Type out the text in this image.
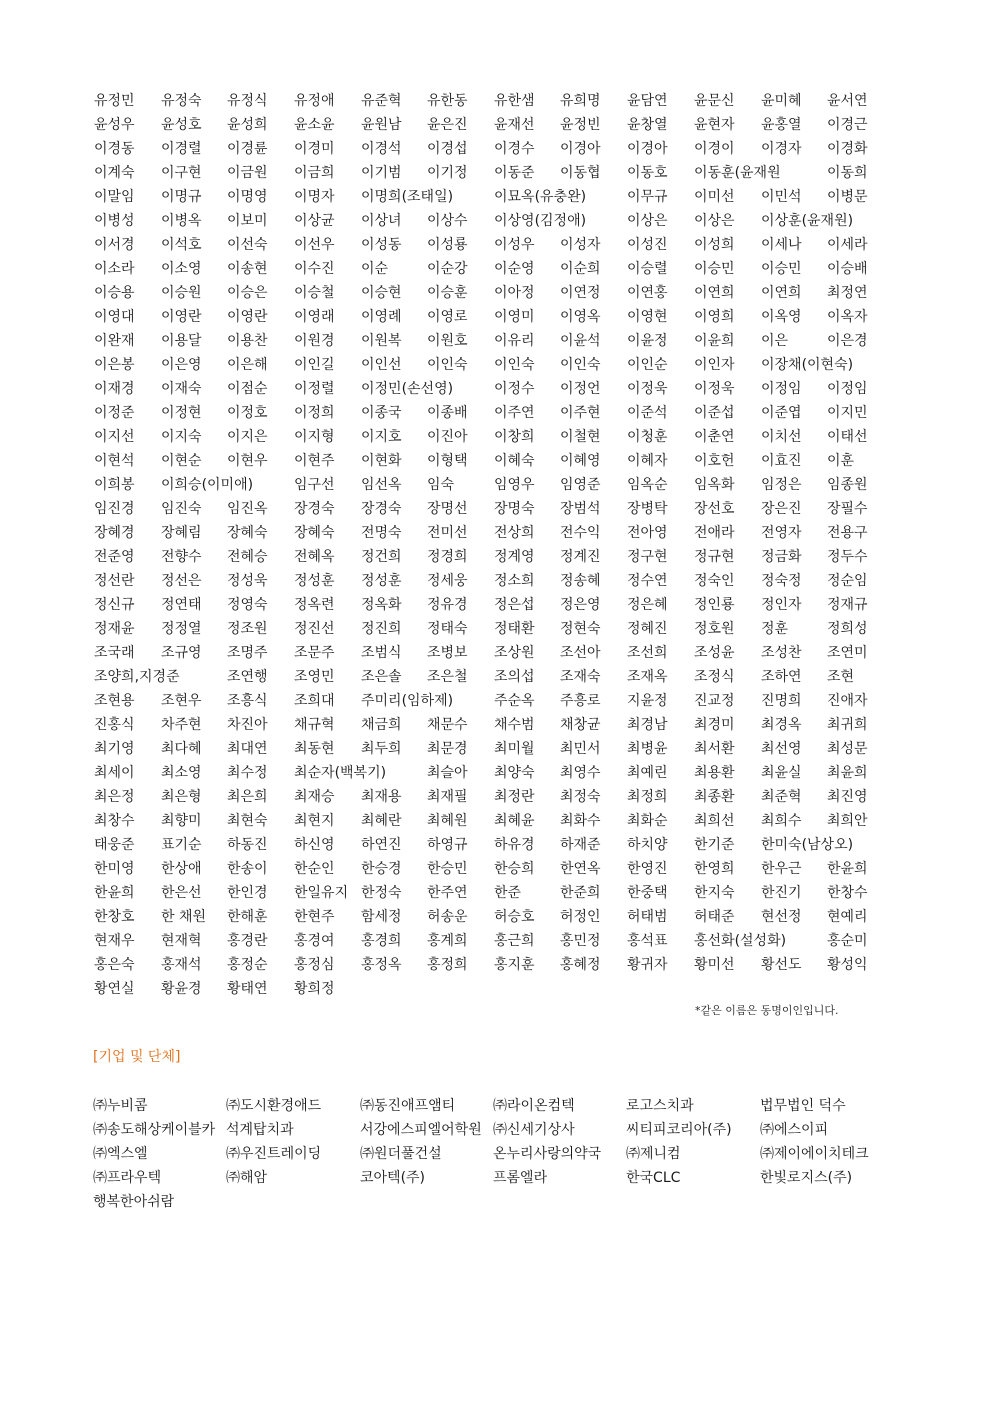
유정민 유정숙 유정식 유정애 유준혁 유한동 유한샘 유희명 윤담연 윤문신 윤미혜 윤서연
윤성우 윤성호 윤성희 윤소윤 윤원남 윤은진 윤재선 윤정빈 윤창열 윤현자 윤홍열 이경근
이경동 이경렬 이경륜 이경미 이경석 이경섭 이경수 이경아 이경아 이경이 이경자 이경화
이계숙 이구현 이금원 이금희 이기범 이기정 이동준 이동협 이동호 이동훈(윤재원	이동희
이말임 이명규 이명영 이명자 이명희(조태일)	이묘옥(유충완)	이무규 이미선 이민석 이병문
이병성 이병옥 이보미 이상균 이상녀 이상수 이상영(김정애)	이상은 이상은 이상훈(윤재원)
이서경 이석호 이선숙 이선우 이성동 이성룡 이성우 이성자 이성진 이성희 이세나 이세라
이소라 이소영 이송현 이수진 이순	이순강 이순영 이순희 이승렬 이승민 이승민 이승배
이승용 이승원 이승은 이승철 이승현 이승훈 이아정 이연정 이연홍 이연희 이연희 최정연
이영대 이영란 이영란 이영래 이영례 이영로 이영미 이영옥 이영현 이영희 이옥영 이옥자
이완재 이용달 이용찬 이원경 이원복 이원호 이유리 이윤석 이윤정 이윤희 이은	이은경
이은봉 이은영 이은해 이인길 이인선 이인숙 이인숙 이인숙 이인순 이인자 이장채(이현숙)
이재경 이재숙 이점순 이정렬 이정민(손선영)	이정수 이정언 이정욱 이정욱 이정임 이정임
이정준 이정현 이정호 이정희 이종국 이종배 이주연 이주현 이준석 이준섭 이준엽 이지민
이지선 이지숙 이지은 이지형 이지호 이진아 이창희 이철현 이청훈 이춘연 이치선 이태선
이현석 이현순 이현우 이현주 이현화 이형택 이혜숙 이혜영 이혜자 이호헌 이효진 이훈
이희봉 이희승(이미애)	임구선 임선옥 임숙	임영우 임영준 임옥순 임옥화 임정은 임종원
임진경 임진숙 임진옥 장경숙 장경숙 장명선 장명숙 장범석 장병탁 장선호 장은진 장필수
장혜경 장혜림 장혜숙 장혜숙 전명숙 전미선 전상희 전수익 전아영 전애라 전영자 전용구
전준영 전향수 전혜승 전혜옥 정건희 정경희 정계영 정계진 정구현 정규현 정금화 정두수
정선란 정선은 정성욱 정성훈 정성훈 정세웅 정소희 정송혜 정수연 정숙인 정숙정 정순임
정신규 정연태 정영숙 정옥련 정옥화 정유경 정은섭 정은영 정은혜 정인룡 정인자 정재규
정재윤 정정열 정조원 정진선 정진희 정태숙 정태환 정현숙 정혜진 정호원 정훈	정희성
조국래 조규영 조명주 조문주 조범식 조병보 조상원 조선아 조선희 조성윤 조성찬 조연미
조양희,지경준	조연행 조영민 조은솔 조은철 조의섭 조재숙 조재옥 조정식 조하연 조현
조현용 조현우 조흥식 조희대 주미리(임하제)	주순옥 주흥로 지윤정 진교정 진명희 진애자
진홍식 차주현 차진아 채규혁 채금희 채문수 채수범 채창균 최경남 최경미 최경옥 최귀희
최기영 최다혜 최대연 최동현 최두희 최문경 최미월 최민서 최병윤 최서환 최선영 최성문
최세이 최소영 최수정 최순자(백복기)	최슬아 최양숙 최영수 최예린 최용환 최윤실 최윤희
최은정 최은형 최은희 최재승 최재용 최재필 최정란 최정숙 최정희 최종환 최준혁 최진영
최창수 최향미 최현숙 최현지 최혜란 최혜원 최혜윤 최화수 최화순 최희선 최희수 최희안
태웅준 표기순 하동진 하신영 하연진 하영규 하유경 하재준 하치양 한기준 한미숙(남상오)
한미영 한상애 한송이 한순인 한승경 한승민 한승희 한연옥 한영진 한영희 한우근 한윤희
한윤희 한은선 한인경 한일유지 한정숙 한주연 한준	한준희 한중택 한지숙 한진기 한창수
한창호 한 채원 한해훈 한현주 함세정 허송운 허승호 허정인 허태범 허태준 현선정 현예리
현재우 현재혁 홍경란 홍경여 홍경희 홍계희 홍근희 홍민정 홍석표 홍선화(설성화)	홍순미
홍은숙 홍재석 홍정순 홍정심 홍정옥 홍정희 홍지훈 홍혜정 황귀자 황미선 황선도 황성익
황연실 황윤경 황태연 황희정
*같은 이름은 동명이인입니다.
[기업 및 단체]
㈜누비콤	㈜도시환경애드	㈜동진애프앰티	㈜라이온컴텍	로고스치과	법무법인 덕수
㈜송도해상케이블카 석계탑치과	서강에스피엘어학원 ㈜신세기상사	씨티피코리아(주) ㈜에스이피
㈜엑스엘	㈜우진트레이딩	㈜원더풀건설	온누리사랑의약국 ㈜제니컴	㈜제이에이치테크
㈜프라우텍	㈜해암	코아텍(주)	프롬엘라	한국CLC	한빛로지스(주)
행복한아쉬람
